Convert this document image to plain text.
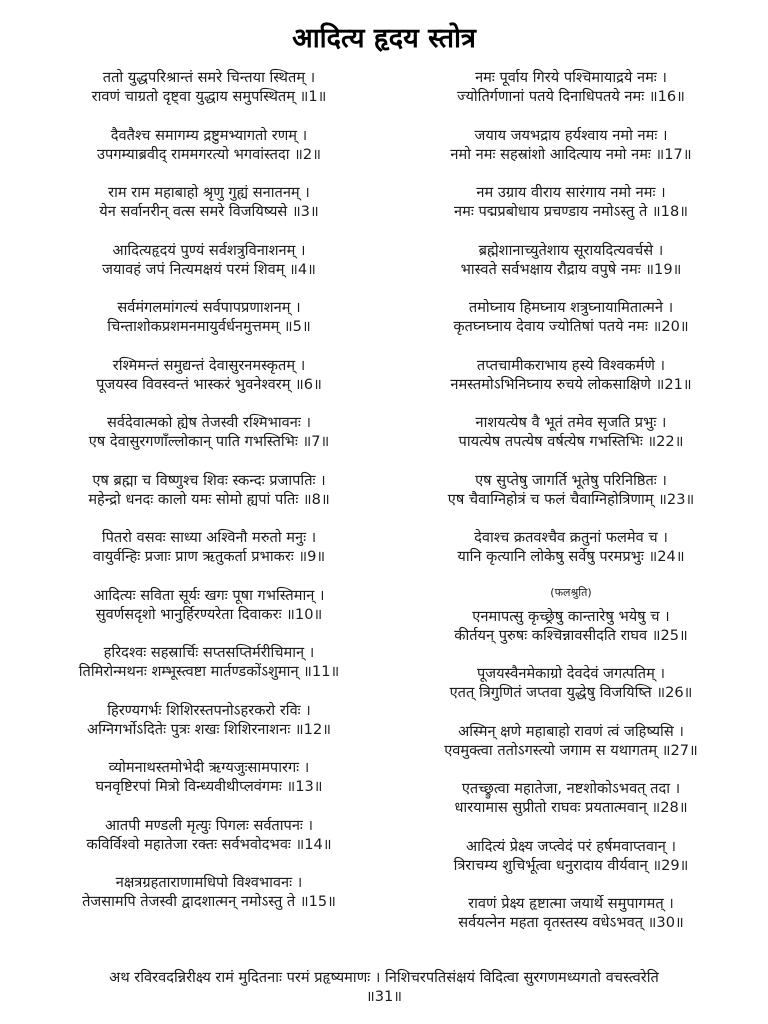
आदित्य हृदय स्तोत्र
ततो युद्धपरिश्रान्तं समरे चिन्तया स्थितम् ।
रावणं चाग्रतो दृष्ट्वा युद्धाय समुपस्थितम् ॥1॥
दैवतैश्च समागम्य द्रष्टुमभ्यागतो रणम् ।
उपगम्याब्रवीद् राममगरत्यो भगवांस्तदा ॥2॥
राम राम महाबाहो श्रृणु गुह्यं सनातनम् ।
येन सर्वानरीन् वत्स समरे विजयिष्यसे ॥3॥
आदित्यहृदयं पुण्यं सर्वशत्रुविनाशनम् ।
जयावहं जपं नित्यमक्षयं परमं शिवम् ॥4॥
सर्वमंगलमांगल्यं सर्वपापप्रणाशनम् ।
चिन्ताशोकप्रशमनमायुर्वर्धनमुत्तमम् ॥5॥
रश्मिमन्तं समुद्यन्तं देवासुरनमस्कृतम् ।
पूजयस्व विवस्वन्तं भास्करं भुवनेश्वरम् ॥6॥
सर्वदेवात्मको ह्येष तेजस्वी रश्मिभावनः ।
एष देवासुरगणाँल्लोकान् पाति गभस्तिभिः ॥7॥
एष ब्रह्मा च विष्णुश्च शिवः स्कन्दः प्रजापतिः ।
महेन्द्रो धनदः कालो यमः सोमो ह्यपां पतिः ॥8॥
पितरो वसवः साध्या अश्विनौ मरुतो मनुः ।
वायुर्वन्हिः प्रजाः प्राण ऋतुकर्ता प्रभाकरः ॥9॥
आदित्यः सविता सूर्यः खगः पूषा गभस्तिमान् ।
सुवर्णसदृशो भानुर्हिरण्यरेता दिवाकरः ॥10॥
हरिदश्वः सहस्रार्चिः सप्तसप्तिर्मरीचिमान् ।
तिमिरोन्मथनः शम्भूस्त्वष्टा मार्तण्डकोंऽशुमान् ॥11॥
हिरण्यगर्भः शिशिरस्तपनोऽहरकरो रविः ।
अग्निगर्भोऽदितेः पुत्रः शखः शिशिरनाशनः ॥12॥
व्योमनाथस्तमोभेदी ऋग्यजुःसामपारगः ।
घनवृष्टिरपां मित्रो विन्ध्यवीथीप्लवंगमः ॥13॥
आतपी मण्डली मृत्युः पिगलः सर्वतापनः ।
कविर्विश्वो महातेजा रक्तः सर्वभवोदभवः ॥14॥
नक्षत्रग्रहताराणामधिपो विश्वभावनः ।
तेजसामपि तेजस्वी द्वादशात्मन् नमोऽस्तु ते ॥15॥
नमः पूर्वाय गिरये पश्चिमायाद्रये नमः ।
ज्योतिर्गणानां पतये दिनाधिपतये नमः ॥16॥
जयाय जयभद्राय हर्यश्वाय नमो नमः ।
नमो नमः सहस्रांशो आदित्याय नमो नमः ॥17॥
नम उग्राय वीराय सारंगाय नमो नमः ।
नमः पद्मप्रबोधाय प्रचण्डाय नमोऽस्तु ते ॥18॥
ब्रह्मेशानाच्युतेशाय सूरायदित्यवर्चसे ।
भास्वते सर्वभक्षाय रौद्राय वपुषे नमः ॥19॥
तमोघ्नाय हिमघ्नाय शत्रुघ्नायामितात्मने ।
कृतघ्नघ्नाय देवाय ज्योतिषां पतये नमः ॥20॥
तप्तचामीकराभाय हस्ये विश्वकर्मणे ।
नमस्तमोऽभिनिघ्नाय रुचये लोकसाक्षिणे ॥21॥
नाशयत्येष वै भूतं तमेव सृजति प्रभुः ।
पायत्येष तपत्येष वर्षत्येष गभस्तिभिः ॥22॥
एष सुप्तेषु जागर्ति भूतेषु परिनिष्ठितः ।
एष चैवाग्निहोत्रं च फलं चैवाग्निहोत्रिणाम् ॥23॥
देवाश्च क्रतवश्चैव क्रतुनां फलमेव च ।
यानि कृत्यानि लोकेषु सर्वेषु परमप्रभुः ॥24॥
(फलश्रुति)
एनमापत्सु कृच्छ्रेषु कान्तारेषु भयेषु च ।
कीर्तयन् पुरुषः कश्चिन्नावसीदति राघव ॥25॥
पूजयस्वैनमेकाग्रो देवदेवं जगत्पतिम् ।
एतत् त्रिगुणितं जप्तवा युद्धेषु विजयिष्ति ॥26॥
अस्मिन् क्षणे महाबाहो रावणं त्वं जहिष्यसि ।
एवमुक्त्वा ततोऽगस्त्यो जगाम स यथागतम् ॥27॥
एतच्छ्रुत्वा महातेजा, नष्टशोकोऽभवत् तदा ।
धारयामास सुप्रीतो राघवः प्रयतात्मवान् ॥28॥
आदित्यं प्रेक्ष्य जप्त्वेदं परं हर्षमवाप्तवान् ।
त्रिराचम्य शुचिर्भूत्वा धनुरादाय वीर्यवान् ॥29॥
रावणं प्रेक्ष्य हृष्टात्मा जयार्थे समुपागमत् ।
सर्वयत्नेन महता वृतस्तस्य वधेऽभवत् ॥30॥
अथ रविरवदन्निरीक्ष्य रामं मुदितनाः परमं प्रहृष्यमाणः । निशिचरपतिसंक्षयं विदित्वा सुरगणमध्यगतो वचस्त्वरेति
॥31॥
